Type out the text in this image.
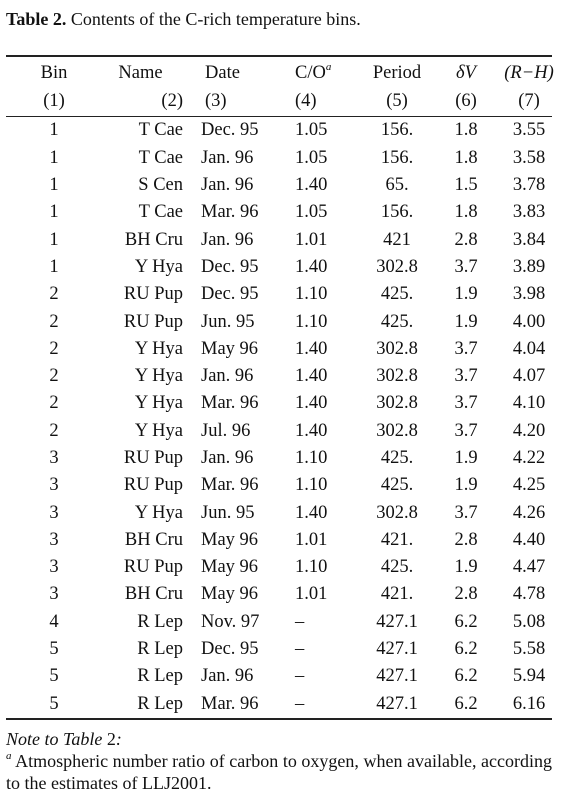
Table 2. Contents of the C-rich temperature bins.
Bin	Name	Date	$C/O^a$	Period	δV	(R−H)
(1)	(2)	(3)	(4)	(5)	(6)	(7)
1	T Cae	Dec. 95	1.05	156.	1.8	3.55
1	T Cae	Jan. 96	1.05	156.	1.8	3.58
1	S Cen	Jan. 96	1.40	65.	1.5	3.78
1	T Cae	Mar. 96	1.05	156.	1.8	3.83
1	BH Cru	Jan. 96	1.01	421	2.8	3.84
1	Y Hya	Dec. 95	1.40	302.8	3.7	3.89
2	RU Pup	Dec. 95	1.10	425.	1.9	3.98
2	RU Pup	Jun. 95	1.10	425.	1.9	4.00
2	Y Hya	May 96	1.40	302.8	3.7	4.04
2	Y Hya	Jan. 96	1.40	302.8	3.7	4.07
2	Y Hya	Mar. 96	1.40	302.8	3.7	4.10
2	Y Hya	Jul. 96	1.40	302.8	3.7	4.20
3	RU Pup	Jan. 96	1.10	425.	1.9	4.22
3	RU Pup	Mar. 96	1.10	425.	1.9	4.25
3	Y Hya	Jun. 95	1.40	302.8	3.7	4.26
3	BH Cru	May 96	1.01	421.	2.8	4.40
3	RU Pup	May 96	1.10	425.	1.9	4.47
3	BH Cru	May 96	1.01	421.	2.8	4.78
4	R Lep	Nov. 97	–	427.1	6.2	5.08
5	R Lep	Dec. 95	–	427.1	6.2	5.58
5	R Lep	Jan. 96	–	427.1	6.2	5.94
5	R Lep	Mar. 96	–	427.1	6.2	6.16
Note to Table 2:
$^a$ Atmospheric number ratio of carbon to oxygen, when available, according to the estimates of LLJ2001.
